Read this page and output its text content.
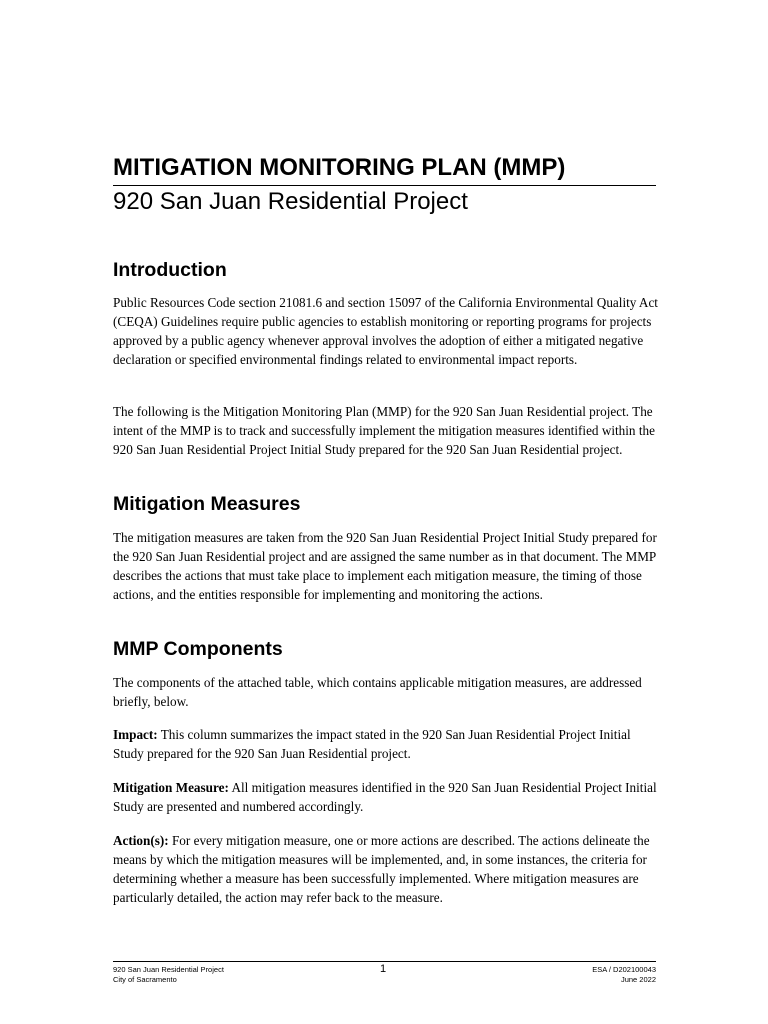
MITIGATION MONITORING PLAN (MMP)
920 San Juan Residential Project
Introduction
Public Resources Code section 21081.6 and section 15097 of the California Environmental Quality Act (CEQA) Guidelines require public agencies to establish monitoring or reporting programs for projects approved by a public agency whenever approval involves the adoption of either a mitigated negative declaration or specified environmental findings related to environmental impact reports.
The following is the Mitigation Monitoring Plan (MMP) for the 920 San Juan Residential project. The intent of the MMP is to track and successfully implement the mitigation measures identified within the 920 San Juan Residential Project Initial Study prepared for the 920 San Juan Residential project.
Mitigation Measures
The mitigation measures are taken from the 920 San Juan Residential Project Initial Study prepared for the 920 San Juan Residential project and are assigned the same number as in that document. The MMP describes the actions that must take place to implement each mitigation measure, the timing of those actions, and the entities responsible for implementing and monitoring the actions.
MMP Components
The components of the attached table, which contains applicable mitigation measures, are addressed briefly, below.
Impact: This column summarizes the impact stated in the 920 San Juan Residential Project Initial Study prepared for the 920 San Juan Residential project.
Mitigation Measure: All mitigation measures identified in the 920 San Juan Residential Project Initial Study are presented and numbered accordingly.
Action(s): For every mitigation measure, one or more actions are described. The actions delineate the means by which the mitigation measures will be implemented, and, in some instances, the criteria for determining whether a measure has been successfully implemented. Where mitigation measures are particularly detailed, the action may refer back to the measure.
920 San Juan Residential Project
City of Sacramento
1	ESA / D202100043
June 2022
